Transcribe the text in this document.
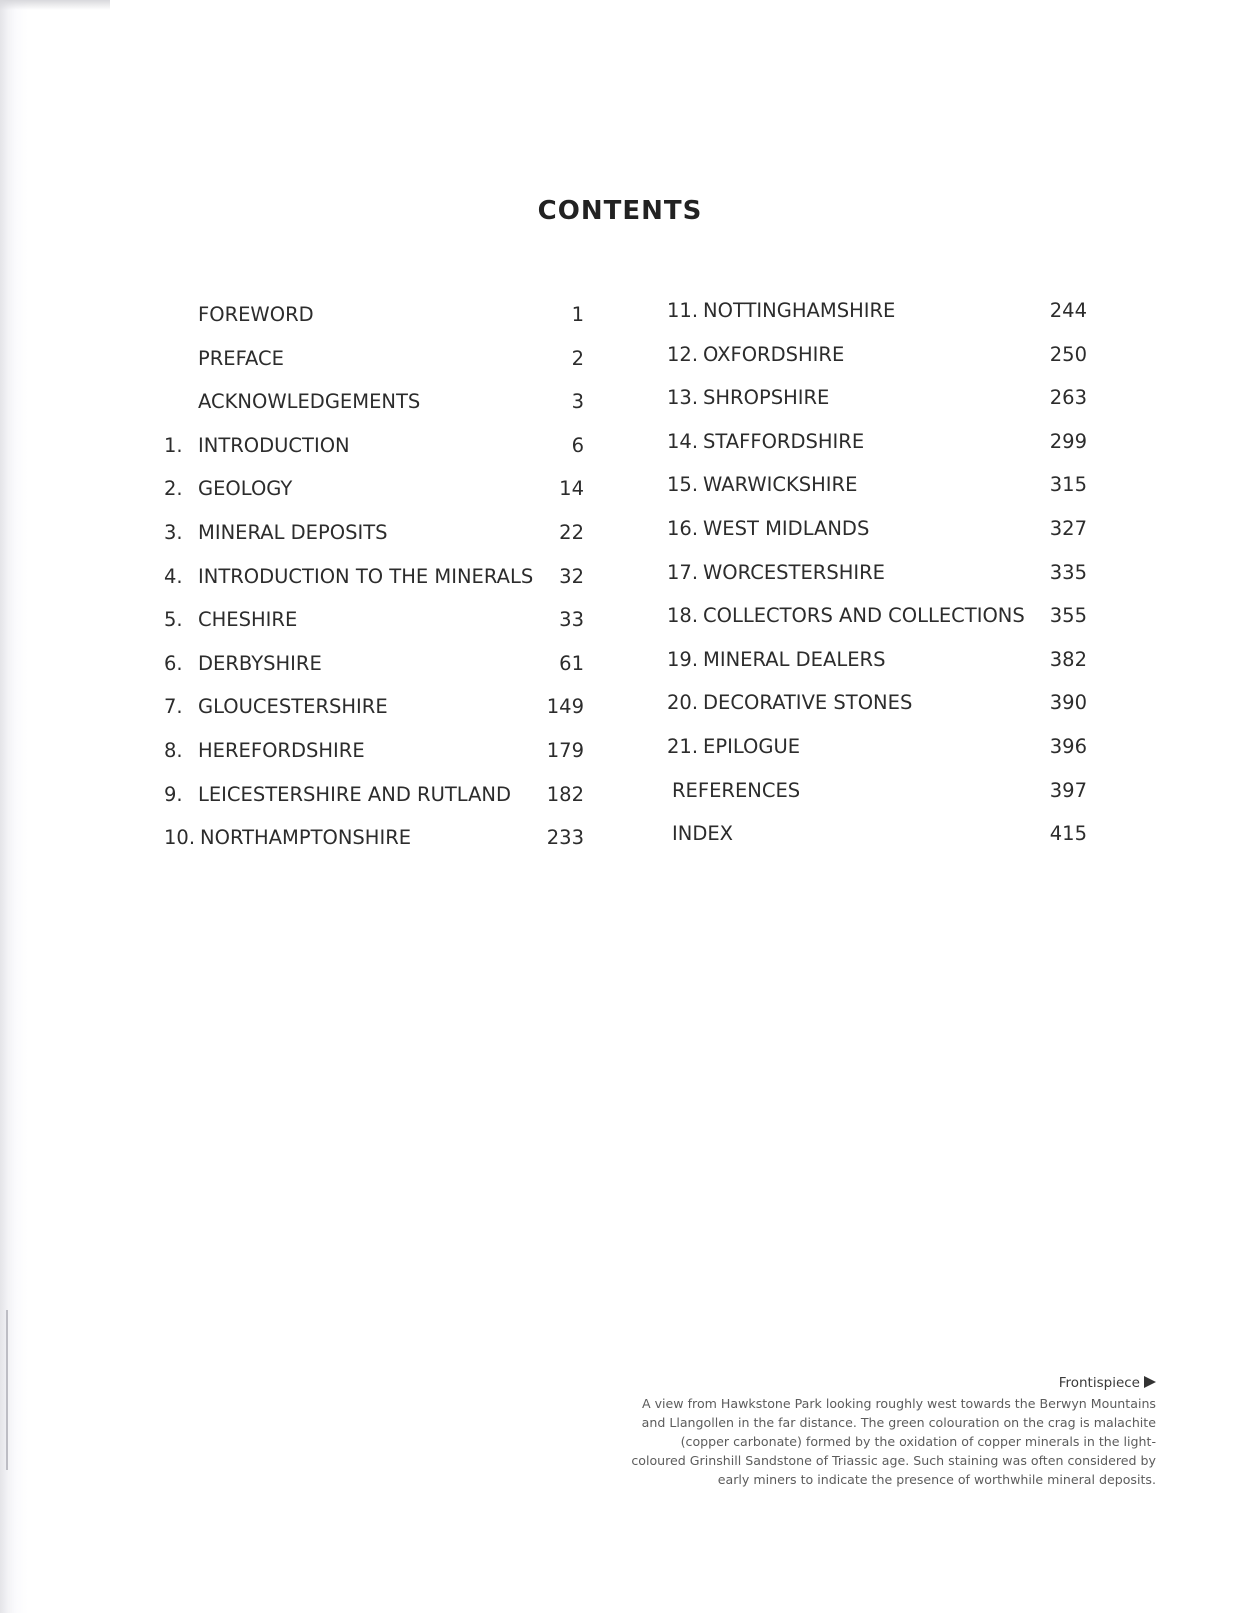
CONTENTS
FOREWORD	1
PREFACE	2
ACKNOWLEDGEMENTS	3
1. INTRODUCTION	6
2. GEOLOGY	14
3. MINERAL DEPOSITS	22
4. INTRODUCTION TO THE MINERALS 32
5. CHESHIRE	33
6. DERBYSHIRE	61
7. GLOUCESTERSHIRE	149
8. HEREFORDSHIRE	179
9. LEICESTERSHIRE AND RUTLAND 182
10. NORTHAMPTONSHIRE	233
11. NOTTINGHAMSHIRE	244
12. OXFORDSHIRE	250
13. SHROPSHIRE	263
14. STAFFORDSHIRE	299
15. WARWICKSHIRE	315
16. WEST MIDLANDS	327
17. WORCESTERSHIRE	335
18. COLLECTORS AND COLLECTIONS 355
19. MINERAL DEALERS	382
20. DECORATIVE STONES	390
21. EPILOGUE	396
REFERENCES	397
INDEX	415
Frontispiece
A view from Hawkstone Park looking roughly west towards the Berwyn Mountains
and Llangollen in the far distance. The green colouration on the crag is malachite
(copper carbonate) formed by the oxidation of copper minerals in the light-
coloured Grinshill Sandstone of Triassic age. Such staining was often considered by
early miners to indicate the presence of worthwhile mineral deposits.
